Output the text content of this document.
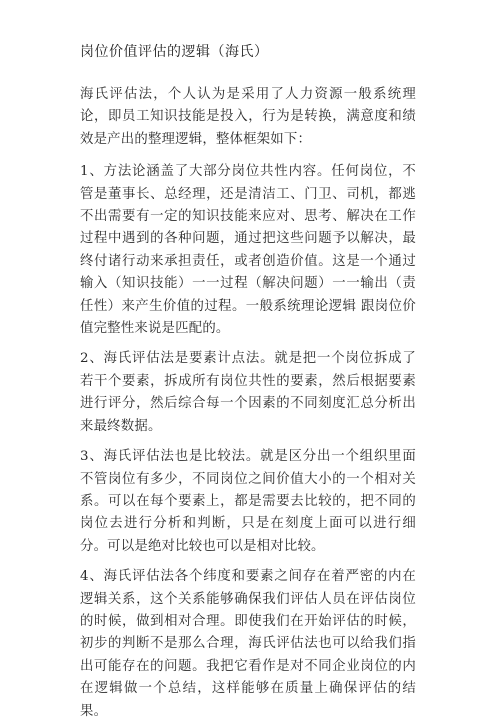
岗位价值评估的逻辑（海氏）

海氏评估法，个人认为是采用了人力资源一般系统理 论，即员工知识技能是投入，行为是转换，满意度和绩 效是产出的整理逻辑，整体框架如下：

1、方法论涵盖了大部分岗位共性内容。任何岗位，不 管是董事长、总经理，还是清洁工、门卫、司机，都逃 不出需要有一定的知识技能来应对、思考、解决在工作 过程中遇到的各种问题，通过把这些问题予以解决，最 终付诸行动来承担责任，或者创造价值。这是一个通过 输入（知识技能）一一过程（解决问题）一一输出（责 任性）来产生价值的过程。一般系统理论逻辑 跟岗位价 值完整性来说是匹配的。

2、海氏评估法是要素计点法。就是把一个岗位拆成了 若干个要素，拆成所有岗位共性的要素，然后根据要素 进行评分，然后综合每一个因素的不同刻度汇总分析出 来最终数据。

3、海氏评估法也是比较法。就是区分出一个组织里面 不管岗位有多少，不同岗位之间价值大小的一个相对关 系。可以在每个要素上，都是需要去比较的，把不同的 岗位去进行分析和判断，只是在刻度上面可以进行细 分。可以是绝对比较也可以是相对比较。

4、海氏评估法各个纬度和要素之间存在着严密的内在 逻辑关系，这个关系能够确保我们评估人员在评估岗位 的时候，做到相对合理。即使我们在开始评估的时候， 初步的判断不是那么合理，海氏评估法也可以给我们指 出可能存在的问题。我把它看作是对不同企业岗位的内 在逻辑做一个总结，这样能够在质量上确保评估的结 果。
